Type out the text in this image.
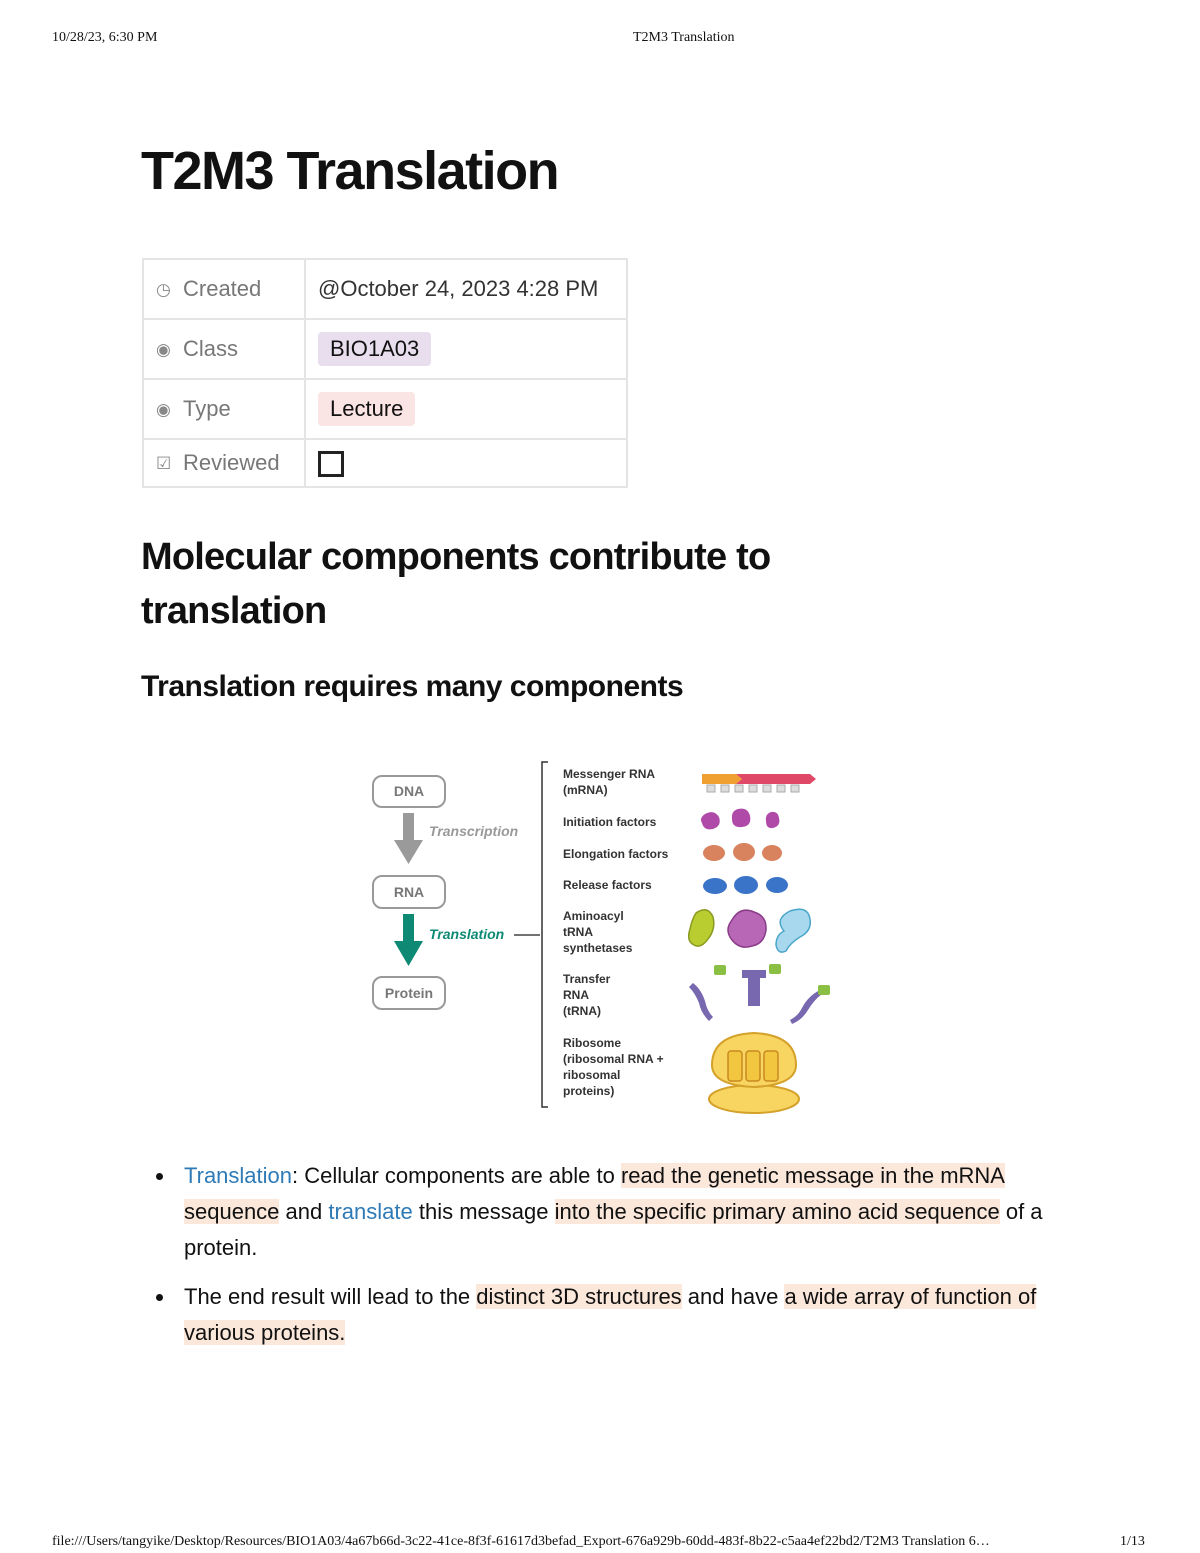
10/28/23, 6:30 PM	T2M3 Translation
T2M3 Translation
◷ Created	@October 24, 2023 4:28 PM
◉ Class	BIO1A03
◉ Type	Lecture
☑ Reviewed	
Molecular components contribute to translation
Translation requires many components
DNA
Transcription
RNA
Translation
Protein
Messenger RNA (mRNA)
Initiation factors
Elongation factors
Release factors
Aminoacyl tRNA synthetases
Transfer RNA (tRNA)
Ribosome (ribosomal RNA + ribosomal proteins)
Translation: Cellular components are able to read the genetic message in the mRNA sequence and translate this message into the specific primary amino acid sequence of a protein.
The end result will lead to the distinct 3D structures and have a wide array of function of various proteins.
file:///Users/tangyike/Desktop/Resources/BIO1A03/4a67b66d-3c22-41ce-8f3f-61617d3befad_Export-676a929b-60dd-483f-8b22-c5aa4ef22bd2/T2M3 Translation 6…	1/13
